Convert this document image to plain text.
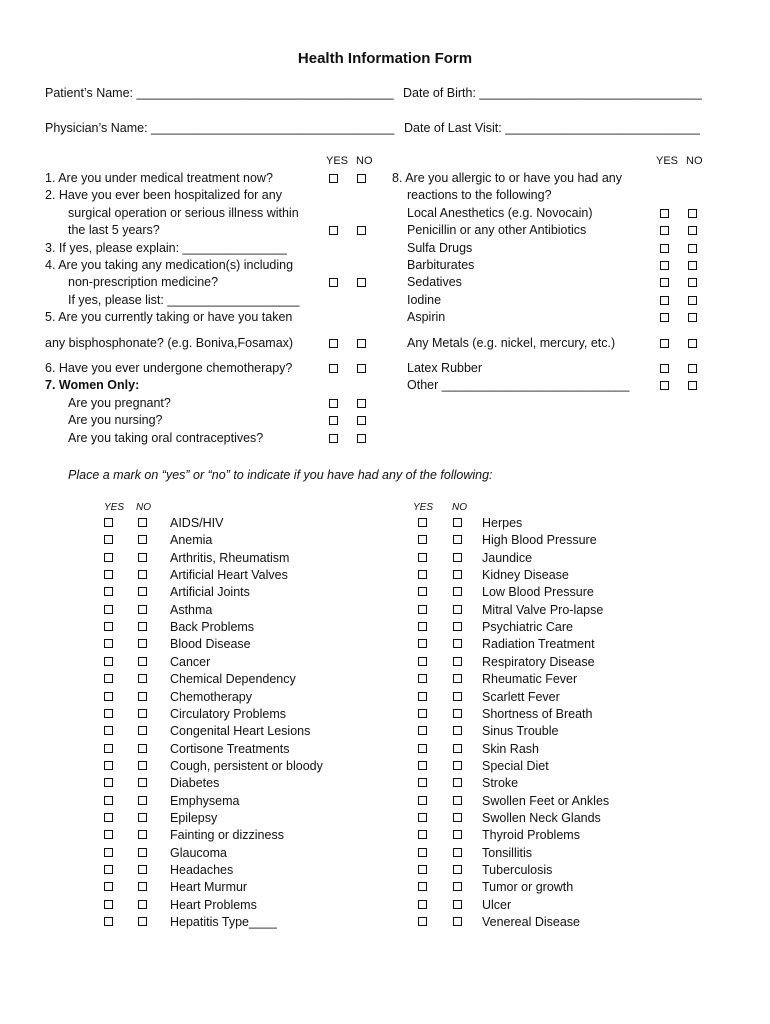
Health Information Form
Patient’s Name: _____________________________________ Date of Birth: ________________________________
Physician’s Name: ___________________________________ Date of Last Visit: ____________________________
YES NO	YES NO
1. Are you under medical treatment now?
2. Have you ever been hospitalized for any
surgical operation or serious illness within
the last 5 years?
3. If yes, please explain: _______________
4. Are you taking any medication(s) including
non-prescription medicine?
If yes, please list: ___________________
5. Are you currently taking or have you taken
any bisphosphonate? (e.g. Boniva,Fosamax)
6. Have you ever undergone chemotherapy?
7. Women Only:
Are you pregnant?
Are you nursing?
Are you taking oral contraceptives?
8. Are you allergic to or have you had any
reactions to the following?
Local Anesthetics (e.g. Novocain)
Penicillin or any other Antibiotics
Sulfa Drugs
Barbiturates
Sedatives
Iodine
Aspirin
Any Metals (e.g. nickel, mercury, etc.)
Latex Rubber
Other ___________________________
Place a mark on “yes” or “no” to indicate if you have had any of the following:
YES NO	YES NO
AIDS/HIV
Anemia
Arthritis, Rheumatism
Artificial Heart Valves
Artificial Joints
Asthma
Back Problems
Blood Disease
Cancer
Chemical Dependency
Chemotherapy
Circulatory Problems
Congenital Heart Lesions
Cortisone Treatments
Cough, persistent or bloody
Diabetes
Emphysema
Epilepsy
Fainting or dizziness
Glaucoma
Headaches
Heart Murmur
Heart Problems
Hepatitis Type____
Herpes
High Blood Pressure
Jaundice
Kidney Disease
Low Blood Pressure
Mitral Valve Pro-lapse
Psychiatric Care
Radiation Treatment
Respiratory Disease
Rheumatic Fever
Scarlett Fever
Shortness of Breath
Sinus Trouble
Skin Rash
Special Diet
Stroke
Swollen Feet or Ankles
Swollen Neck Glands
Thyroid Problems
Tonsillitis
Tuberculosis
Tumor or growth
Ulcer
Venereal Disease
